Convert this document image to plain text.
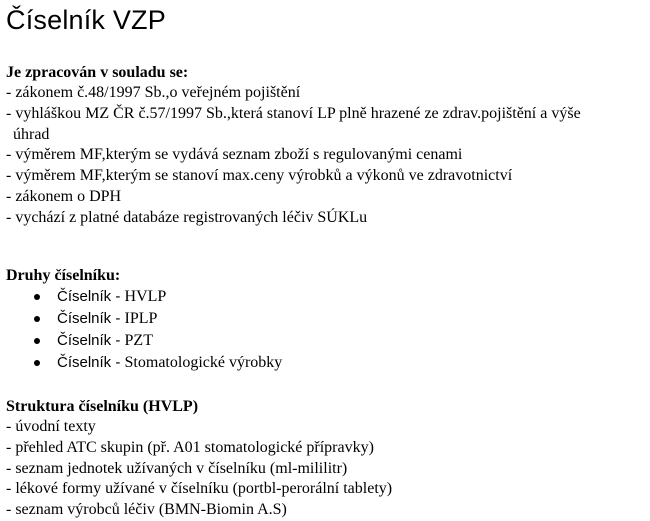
Číselník VZP

Je zpracován v souladu se:

- zákonem č.48/1997 Sb.,o veřejném pojištění

- vyhláškou MZ ČR č.57/1997 Sb.,která stanoví LP plně hrazené ze zdrav.pojištění a výše

úhrad

- výměrem MF,kterým se vydává seznam zboží s regulovanými cenami

- výměrem MF,kterým se stanoví max.ceny výrobků a výkonů ve zdravotnictví

- zákonem o DPH

- vychází z platné databáze registrovaných léčiv SÚKLu

Druhy číselníku:

Číselník - HVLP
Číselník - IPLP
Číselník - PZT
Číselník - Stomatologické výrobky

Struktura číselníku (HVLP)

- úvodní texty

- přehled ATC skupin (př. A01 stomatologické přípravky)

- seznam jednotek užívaných v číselníku (ml-mililitr)

- lékové formy užívané v číselníku (portbl-perorální tablety)

- seznam výrobců léčiv (BMN-Biomin A.S)
